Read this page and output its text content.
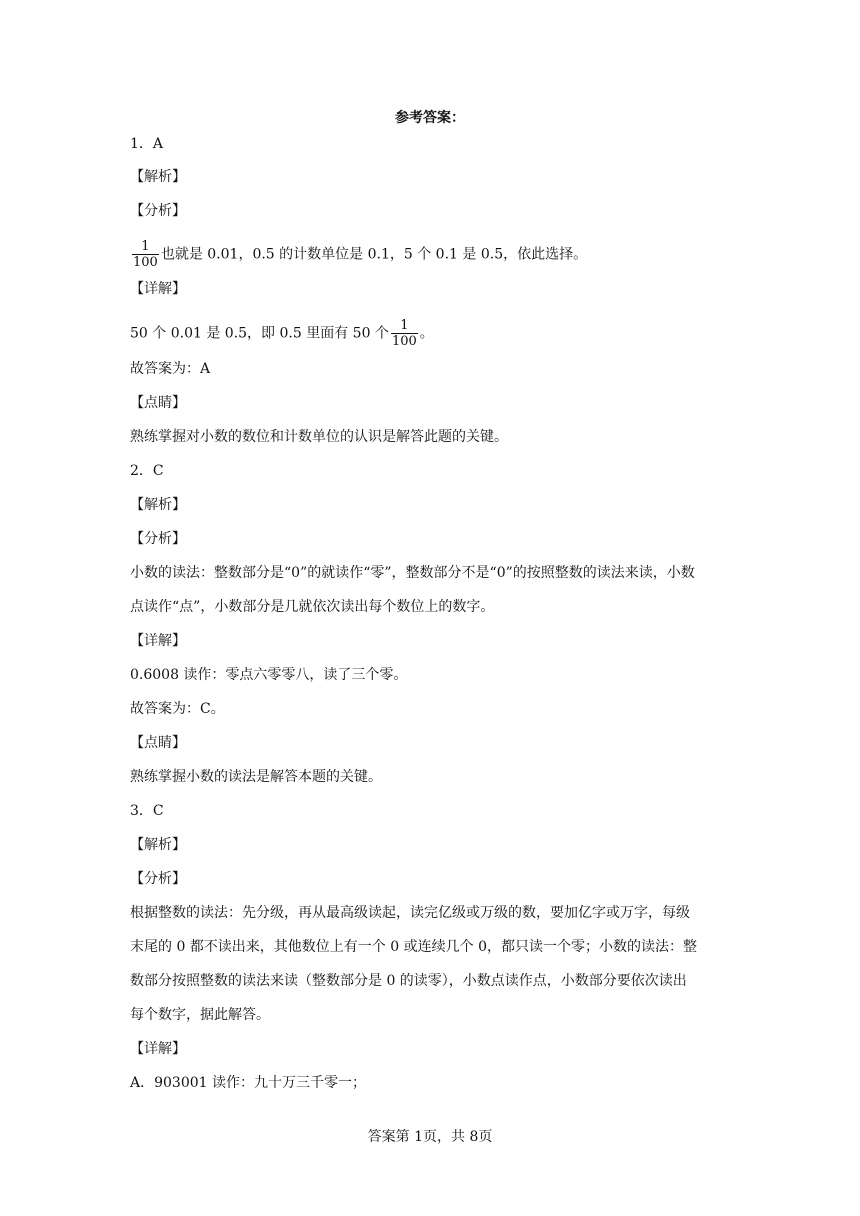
参考答案：
1．A
【解析】
【分析】
$\frac{1}{100}$ 也就是 0.01，0.5 的计数单位是 0.1，5 个 0.1 是 0.5，依此选择。
【详解】
50 个 0.01 是 0.5，即 0.5 里面有 50 个 $\frac{1}{100}$ 。
故答案为：A
【点睛】
熟练掌握对小数的数位和计数单位的认识是解答此题的关键。
2．C
【解析】
【分析】
小数的读法：整数部分是“0”的就读作“零”，整数部分不是“0”的按照整数的读法来读，小数
点读作“点”，小数部分是几就依次读出每个数位上的数字。
【详解】
0.6008 读作：零点六零零八，读了三个零。
故答案为：C。
【点睛】
熟练掌握小数的读法是解答本题的关键。
3．C
【解析】
【分析】
根据整数的读法：先分级，再从最高级读起，读完亿级或万级的数，要加亿字或万字，每级
末尾的 0 都不读出来，其他数位上有一个 0 或连续几个 0，都只读一个零；小数的读法：整
数部分按照整数的读法来读（整数部分是 0 的读零），小数点读作点，小数部分要依次读出
每个数字，据此解答。
【详解】
A．903001 读作：九十万三千零一；
答案第 1页，共 8页
